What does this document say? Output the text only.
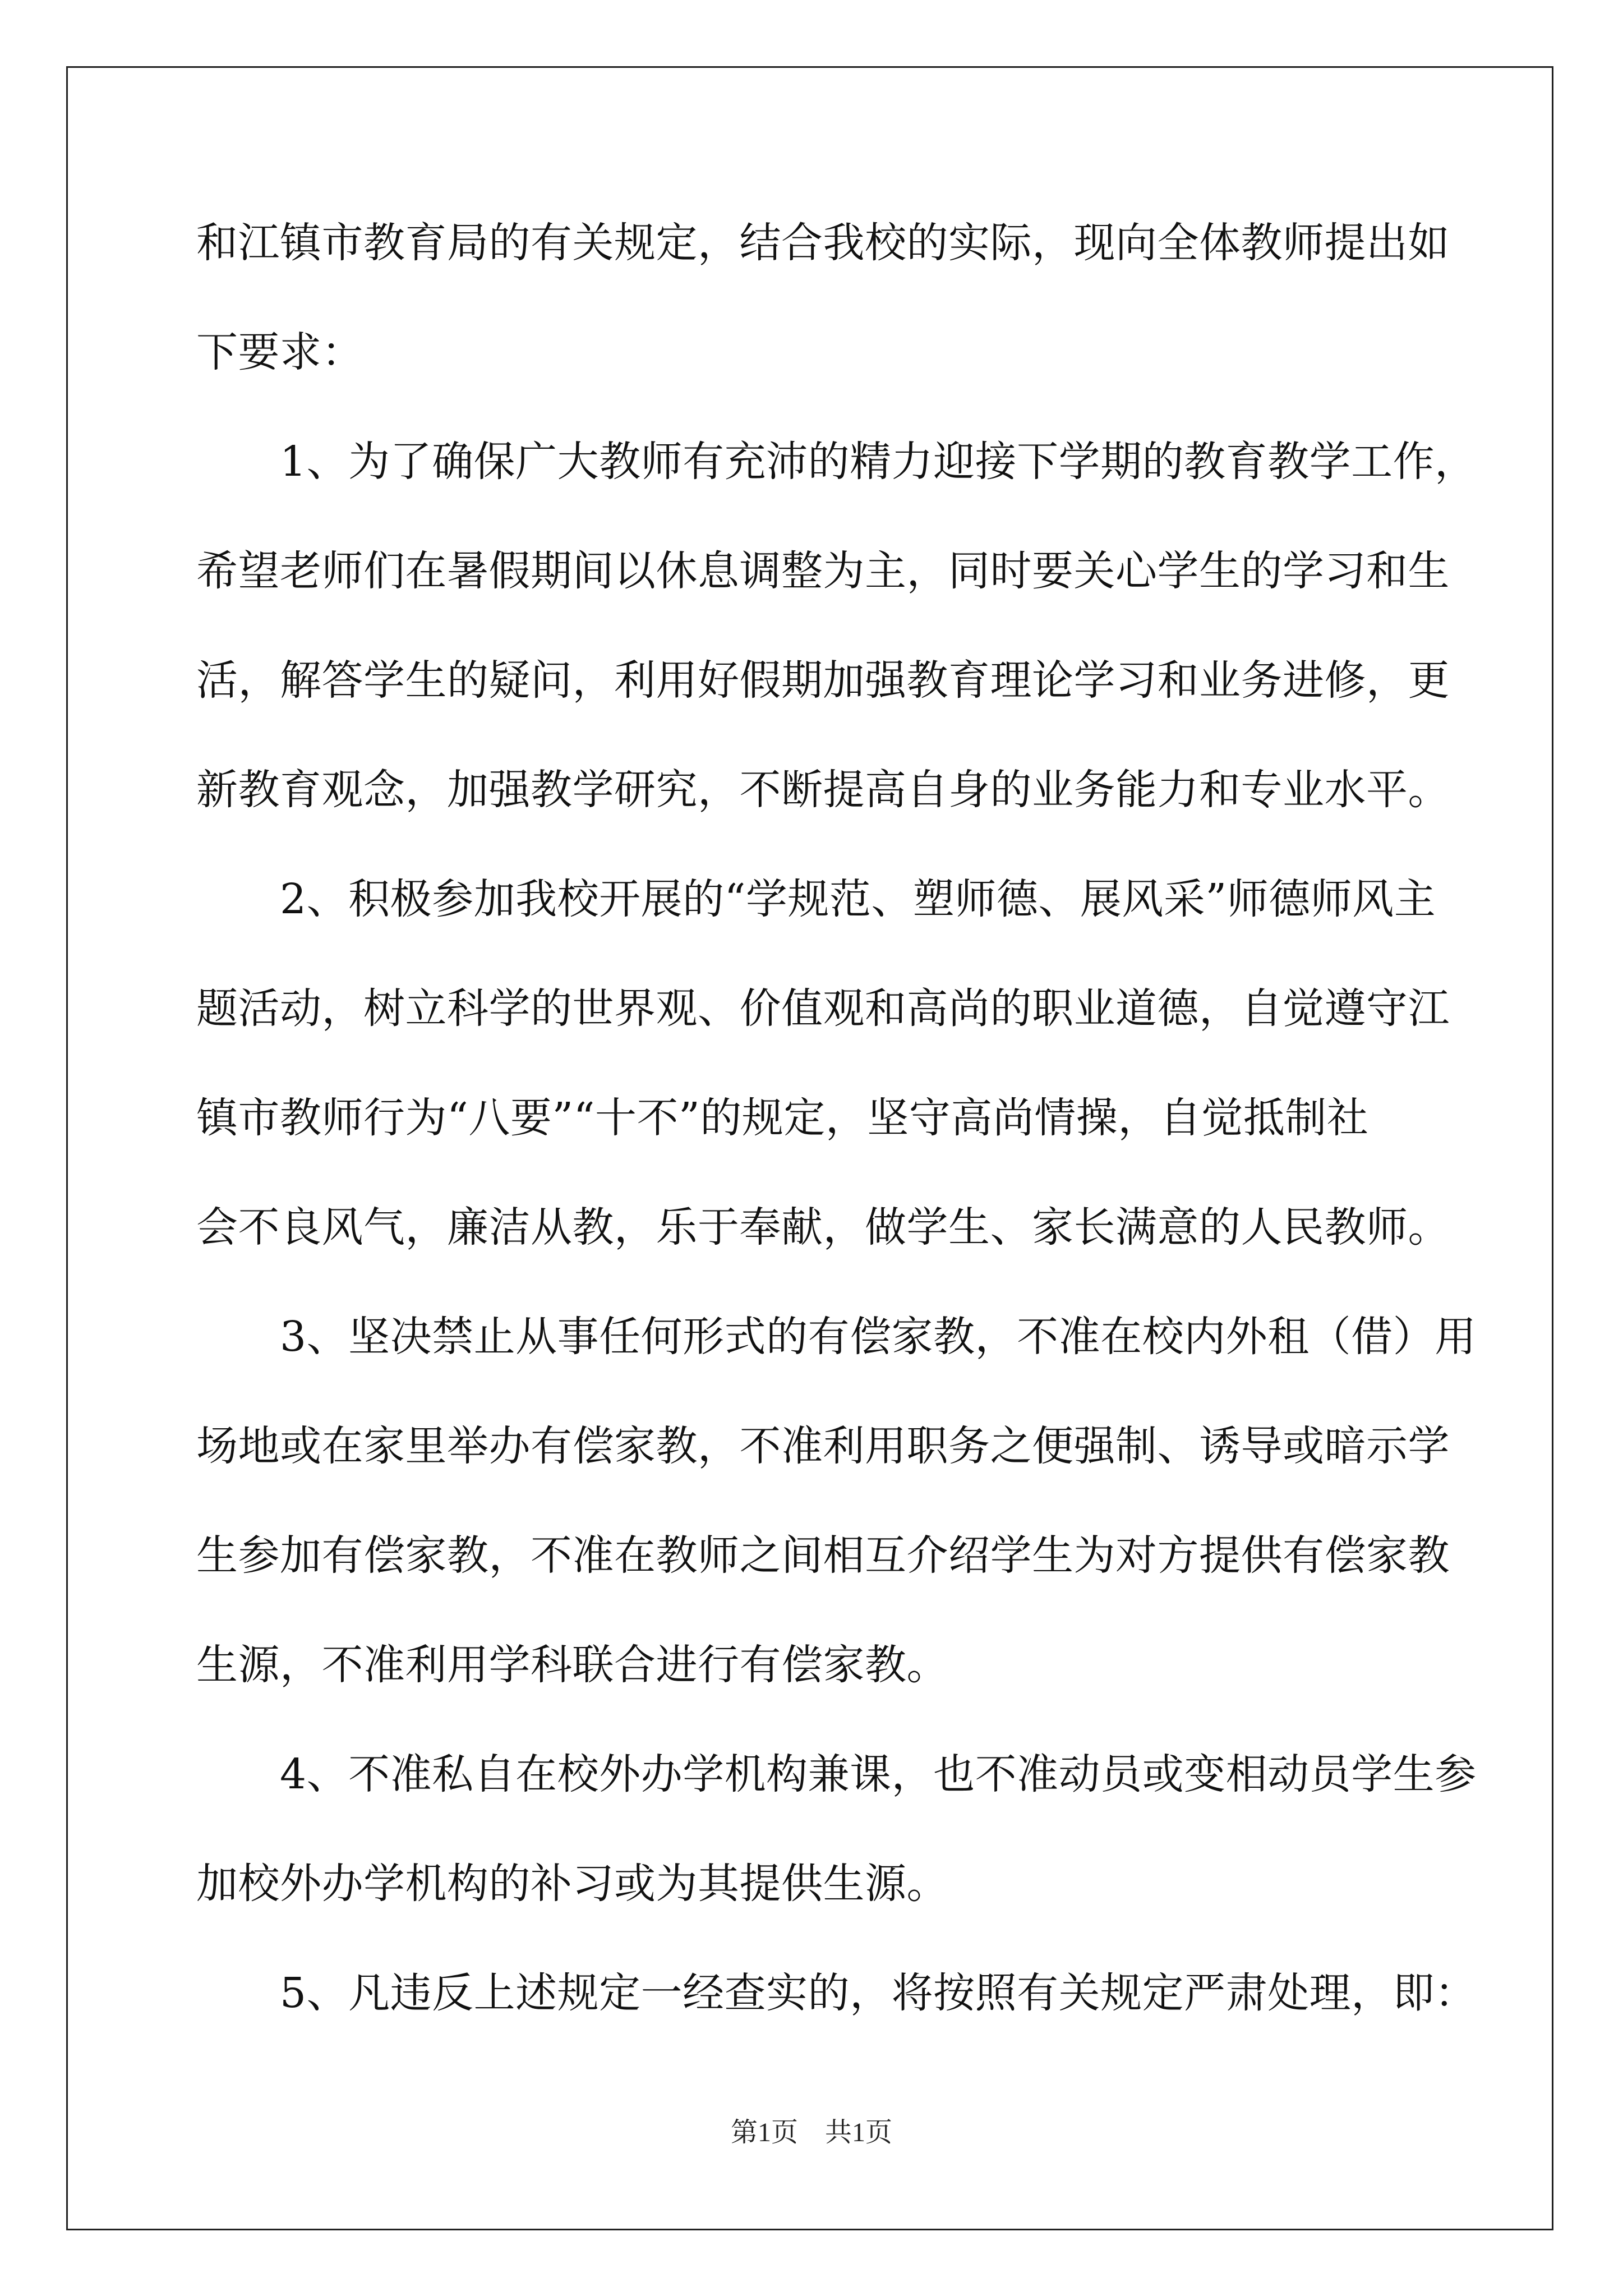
和江镇市教育局的有关规定，结合我校的实际，现向全体教师提出如
下要求：
　　1、为了确保广大教师有充沛的精力迎接下学期的教育教学工作，
希望老师们在暑假期间以休息调整为主，同时要关心学生的学习和生
活，解答学生的疑问，利用好假期加强教育理论学习和业务进修，更
新教育观念，加强教学研究，不断提高自身的业务能力和专业水平。
　　2、积极参加我校开展的“学规范、塑师德、展风采”师德师风主
题活动，树立科学的世界观、价值观和高尚的职业道德，自觉遵守江
镇市教师行为“八要”“十不”的规定，坚守高尚情操，自觉抵制社
会不良风气，廉洁从教，乐于奉献，做学生、家长满意的人民教师。
　　3、坚决禁止从事任何形式的有偿家教，不准在校内外租（借）用
场地或在家里举办有偿家教，不准利用职务之便强制、诱导或暗示学
生参加有偿家教，不准在教师之间相互介绍学生为对方提供有偿家教
生源，不准利用学科联合进行有偿家教。
　　4、不准私自在校外办学机构兼课，也不准动员或变相动员学生参
加校外办学机构的补习或为其提供生源。
　　5、凡违反上述规定一经查实的，将按照有关规定严肃处理，即：
第1页　共1页
